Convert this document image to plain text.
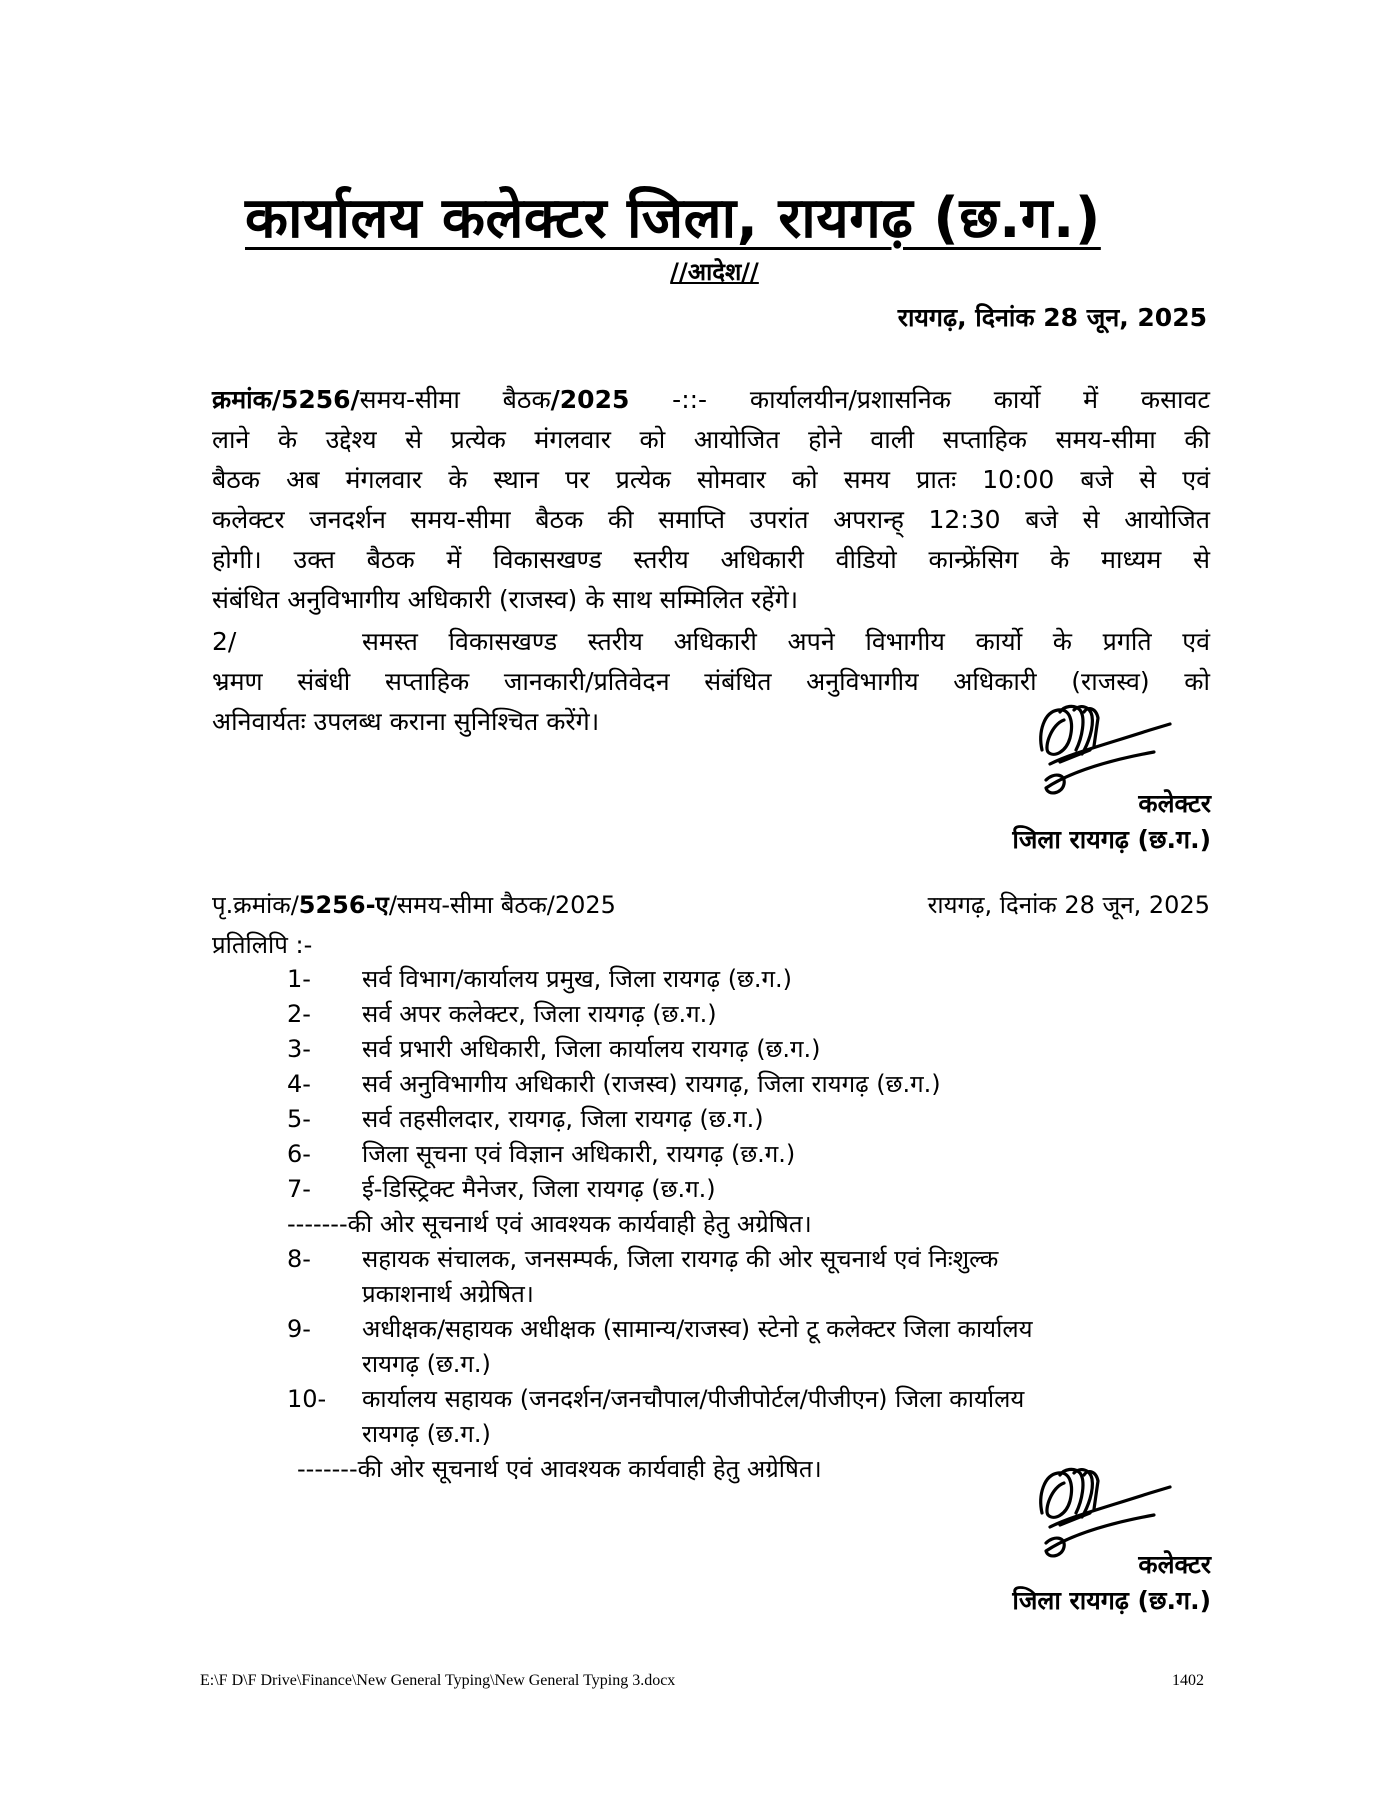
कार्यालय कलेक्टर जिला, रायगढ़ (छ.ग.)
//आदेश//
रायगढ़, दिनांक 28 जून, 2025
क्रमांक/5256/समय-सीमा बैठक/2025 -::- कार्यालयीन/प्रशासनिक कार्यो में कसावट
लाने के उद्देश्य से प्रत्येक मंगलवार को आयोजित होने वाली सप्ताहिक समय-सीमा की
बैठक अब मंगलवार के स्थान पर प्रत्येक सोमवार को समय प्रातः 10:00 बजे से एवं
कलेक्टर जनदर्शन समय-सीमा बैठक की समाप्ति उपरांत अपरान्ह् 12:30 बजे से आयोजित
होगी। उक्त बैठक में विकासखण्ड स्तरीय अधिकारी वीडियो कान्फ्रेंसिग के माध्यम से
संबंधित अनुविभागीय अधिकारी (राजस्व) के साथ सम्मिलित रहेंगे।
2/	समस्त विकासखण्ड स्तरीय अधिकारी अपने विभागीय कार्यो के प्रगति एवं
भ्रमण संबंधी सप्ताहिक जानकारी/प्रतिवेदन संबंधित अनुविभागीय अधिकारी (राजस्व) को
अनिवार्यतः उपलब्ध कराना सुनिश्चित करेंगे।
कलेक्टर
जिला रायगढ़ (छ.ग.)
पृ.क्रमांक/5256-ए/समय-सीमा बैठक/2025	रायगढ़, दिनांक 28 जून, 2025
प्रतिलिपि :-
1-	सर्व विभाग/कार्यालय प्रमुख, जिला रायगढ़ (छ.ग.)
2-	सर्व अपर कलेक्टर, जिला रायगढ़ (छ.ग.)
3-	सर्व प्रभारी अधिकारी, जिला कार्यालय रायगढ़ (छ.ग.)
4-	सर्व अनुविभागीय अधिकारी (राजस्व) रायगढ़, जिला रायगढ़ (छ.ग.)
5-	सर्व तहसीलदार, रायगढ़, जिला रायगढ़ (छ.ग.)
6-	जिला सूचना एवं विज्ञान अधिकारी, रायगढ़ (छ.ग.)
7-	ई-डिस्ट्रिक्ट मैनेजर, जिला रायगढ़ (छ.ग.)
-------की ओर सूचनार्थ एवं आवश्यक कार्यवाही हेतु अग्रेषित।
8-	सहायक संचालक, जनसम्पर्क, जिला रायगढ़ की ओर सूचनार्थ एवं निःशुल्क प्रकाशनार्थ अग्रेषित।
9-	अधीक्षक/सहायक अधीक्षक (सामान्य/राजस्व) स्टेनो टू कलेक्टर जिला कार्यालय रायगढ़ (छ.ग.)
10-	कार्यालय सहायक (जनदर्शन/जनचौपाल/पीजीपोर्टल/पीजीएन) जिला कार्यालय रायगढ़ (छ.ग.)
-------की ओर सूचनार्थ एवं आवश्यक कार्यवाही हेतु अग्रेषित।
कलेक्टर
जिला रायगढ़ (छ.ग.)
E:\F D\F Drive\Finance\New General Typing\New General Typing 3.docx	1402
